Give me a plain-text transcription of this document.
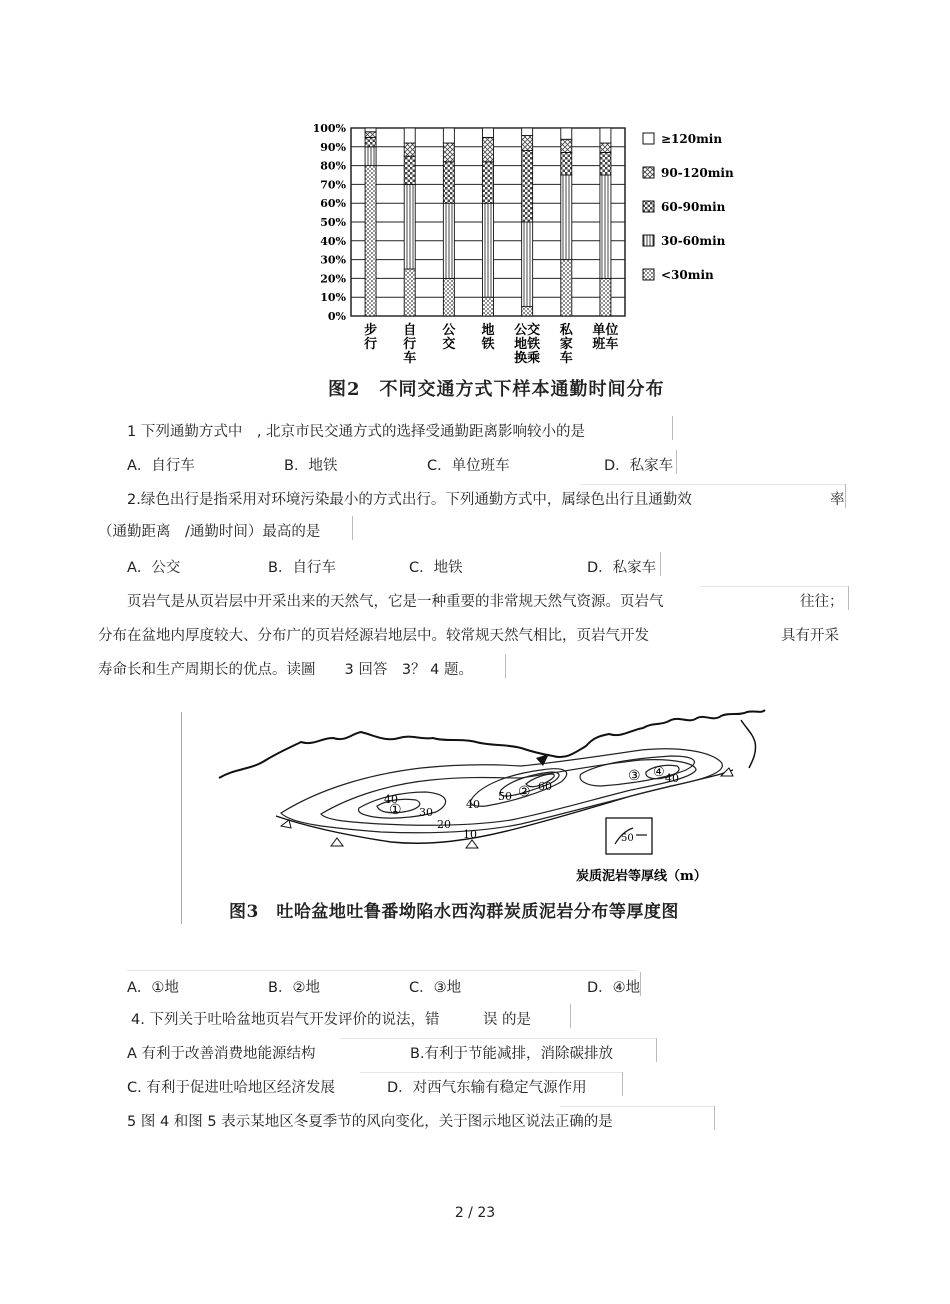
100%
90%
80%
70%
60%
50%
40%
30%
20%
10%
0%
步
行
自
行
车
公
交
地
铁
公交
地铁
换乘
私
家
车
单位
班车
≥120min
90-120min
60-90min
30-60min
<30min
图2　不同交通方式下样本通勤时间分布
1 下列通勤方式中　, 北京市民交通方式的选择受通勤距离影响较小的是
A．自行车	B．地铁	C．单位班车	D．私家车
2.绿色出行是指采用对环境污染最小的方式出行。下列通勤方式中，属绿色出行且通勤效	率
（通勤距离　/通勤时间）最高的是
A．公交	B．自行车	C．地铁	D．私家车
页岩气是从页岩层中开采出来的天然气，它是一种重要的非常规天然气资源。页岩气	往往；
分布在盆地内厚度较大、分布广的页岩烃源岩地层中。较常规天然气相比，页岩气开发	具有开采
寿命长和生产周期长的优点。读圖　　3 回答　3？ 4 题。
40
30
20
10
40
50
60
40
①
②
③ ④
50
炭质泥岩等厚线（m）
图3　吐哈盆地吐鲁番坳陷水西沟群炭质泥岩分布等厚度图
A．①地	B．②地	C．③地	D．④地
4. 下列关于吐哈盆地页岩气开发评价的说法，错　　　误 的是
A 有利于改善消费地能源结构	B.有利于节能减排，消除碳排放
C. 有利于促进吐哈地区经济发展	D．对西气东输有稳定气源作用
5 图 4 和图 5 表示某地区冬夏季节的风向变化，关于图示地区说法正确的是
2 / 23
